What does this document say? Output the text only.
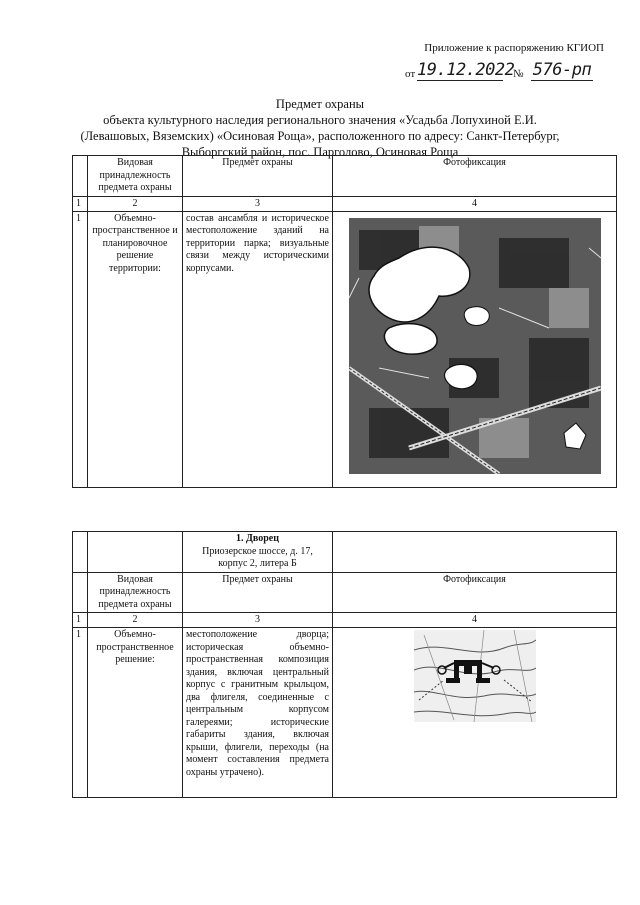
Приложение к распоряжению КГИОП
от 19.12.2022
№ 576-рп
Предмет охраны
объекта культурного наследия регионального значения «Усадьба Лопухиной Е.И.
(Левашовых, Вяземских) «Осиновая Роща», расположенного по адресу: Санкт-Петербург,
Выборгский район, пос. Парголово, Осиновая Роща
	Видовая принадлежность предмета охраны	Предмет охраны	Фотофиксация
1	2	3	4
1	Объемно-пространственное и планировочное решение территории:	состав ансамбля и историческое местоположение зданий на территории парка; визуальные связи между историческими корпусами.	

		1. Дворец
Приозерское шоссе, д. 17,
корпус 2, литера Б	

	Видовая принадлежность предмета охраны	Предмет охраны	Фотофиксация
1	2	3	4
1	Объемно-пространственное решение:	местоположение дворца; историческая объемно-пространственная композиция здания, включая центральный корпус с гранитным крыльцом, два флигеля, соединенные с центральным корпусом галереями; исторические габариты здания, включая крыши, флигели, переходы (на момент составления предмета охраны утрачено).	
